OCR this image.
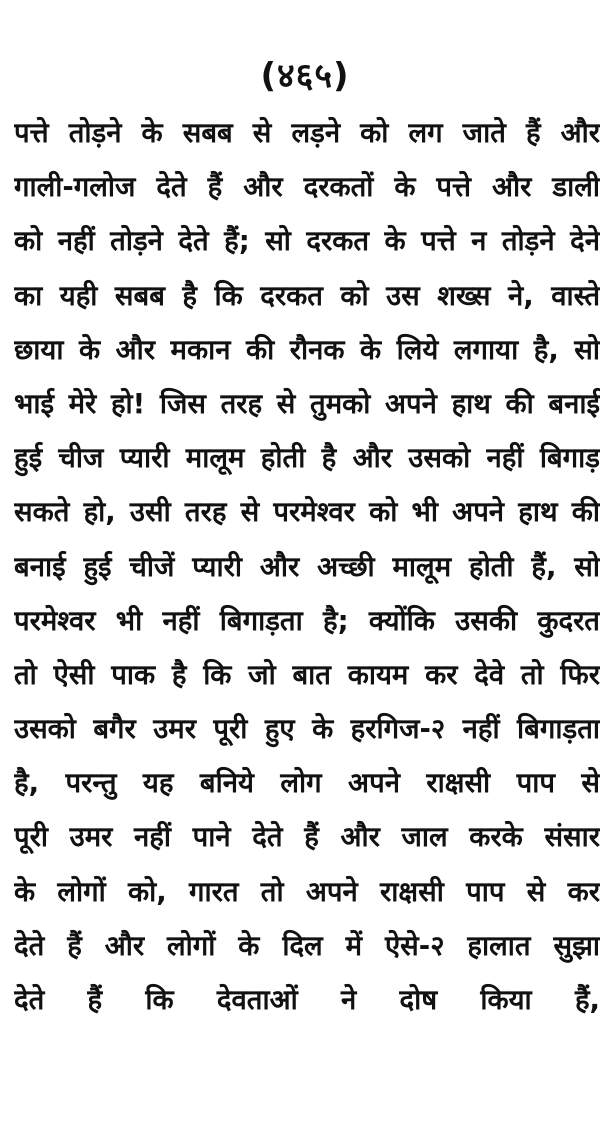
(४६५)
पत्ते तोड़ने के सबब से लड़ने को लग जाते हैं और
गाली-गलोज देते हैं और दरकतों के पत्ते और डाली
को नहीं तोड़ने देते हैं; सो दरकत के पत्ते न तोड़ने देने
का यही सबब है कि दरकत को उस शख्स ने, वास्ते
छाया के और मकान की रौनक के लिये लगाया है, सो
भाई मेरे हो! जिस तरह से तुमको अपने हाथ की बनाई
हुई चीज प्यारी मालूम होती है और उसको नहीं बिगाड़
सकते हो, उसी तरह से परमेश्वर को भी अपने हाथ की
बनाई हुई चीजें प्यारी और अच्छी मालूम होती हैं, सो
परमेश्वर भी नहीं बिगाड़ता है; क्योंकि उसकी कुदरत
तो ऐसी पाक है कि जो बात कायम कर देवे तो फिर
उसको बगैर उमर पूरी हुए के हरगिज-२ नहीं बिगाड़ता
है, परन्तु यह बनिये लोग अपने राक्षसी पाप से
पूरी उमर नहीं पाने देते हैं और जाल करके संसार
के लोगों को, गारत तो अपने राक्षसी पाप से कर
देते हैं और लोगों के दिल में ऐसे-२ हालात सुझा
देते हैं कि देवताओं ने दोष किया हैं,
